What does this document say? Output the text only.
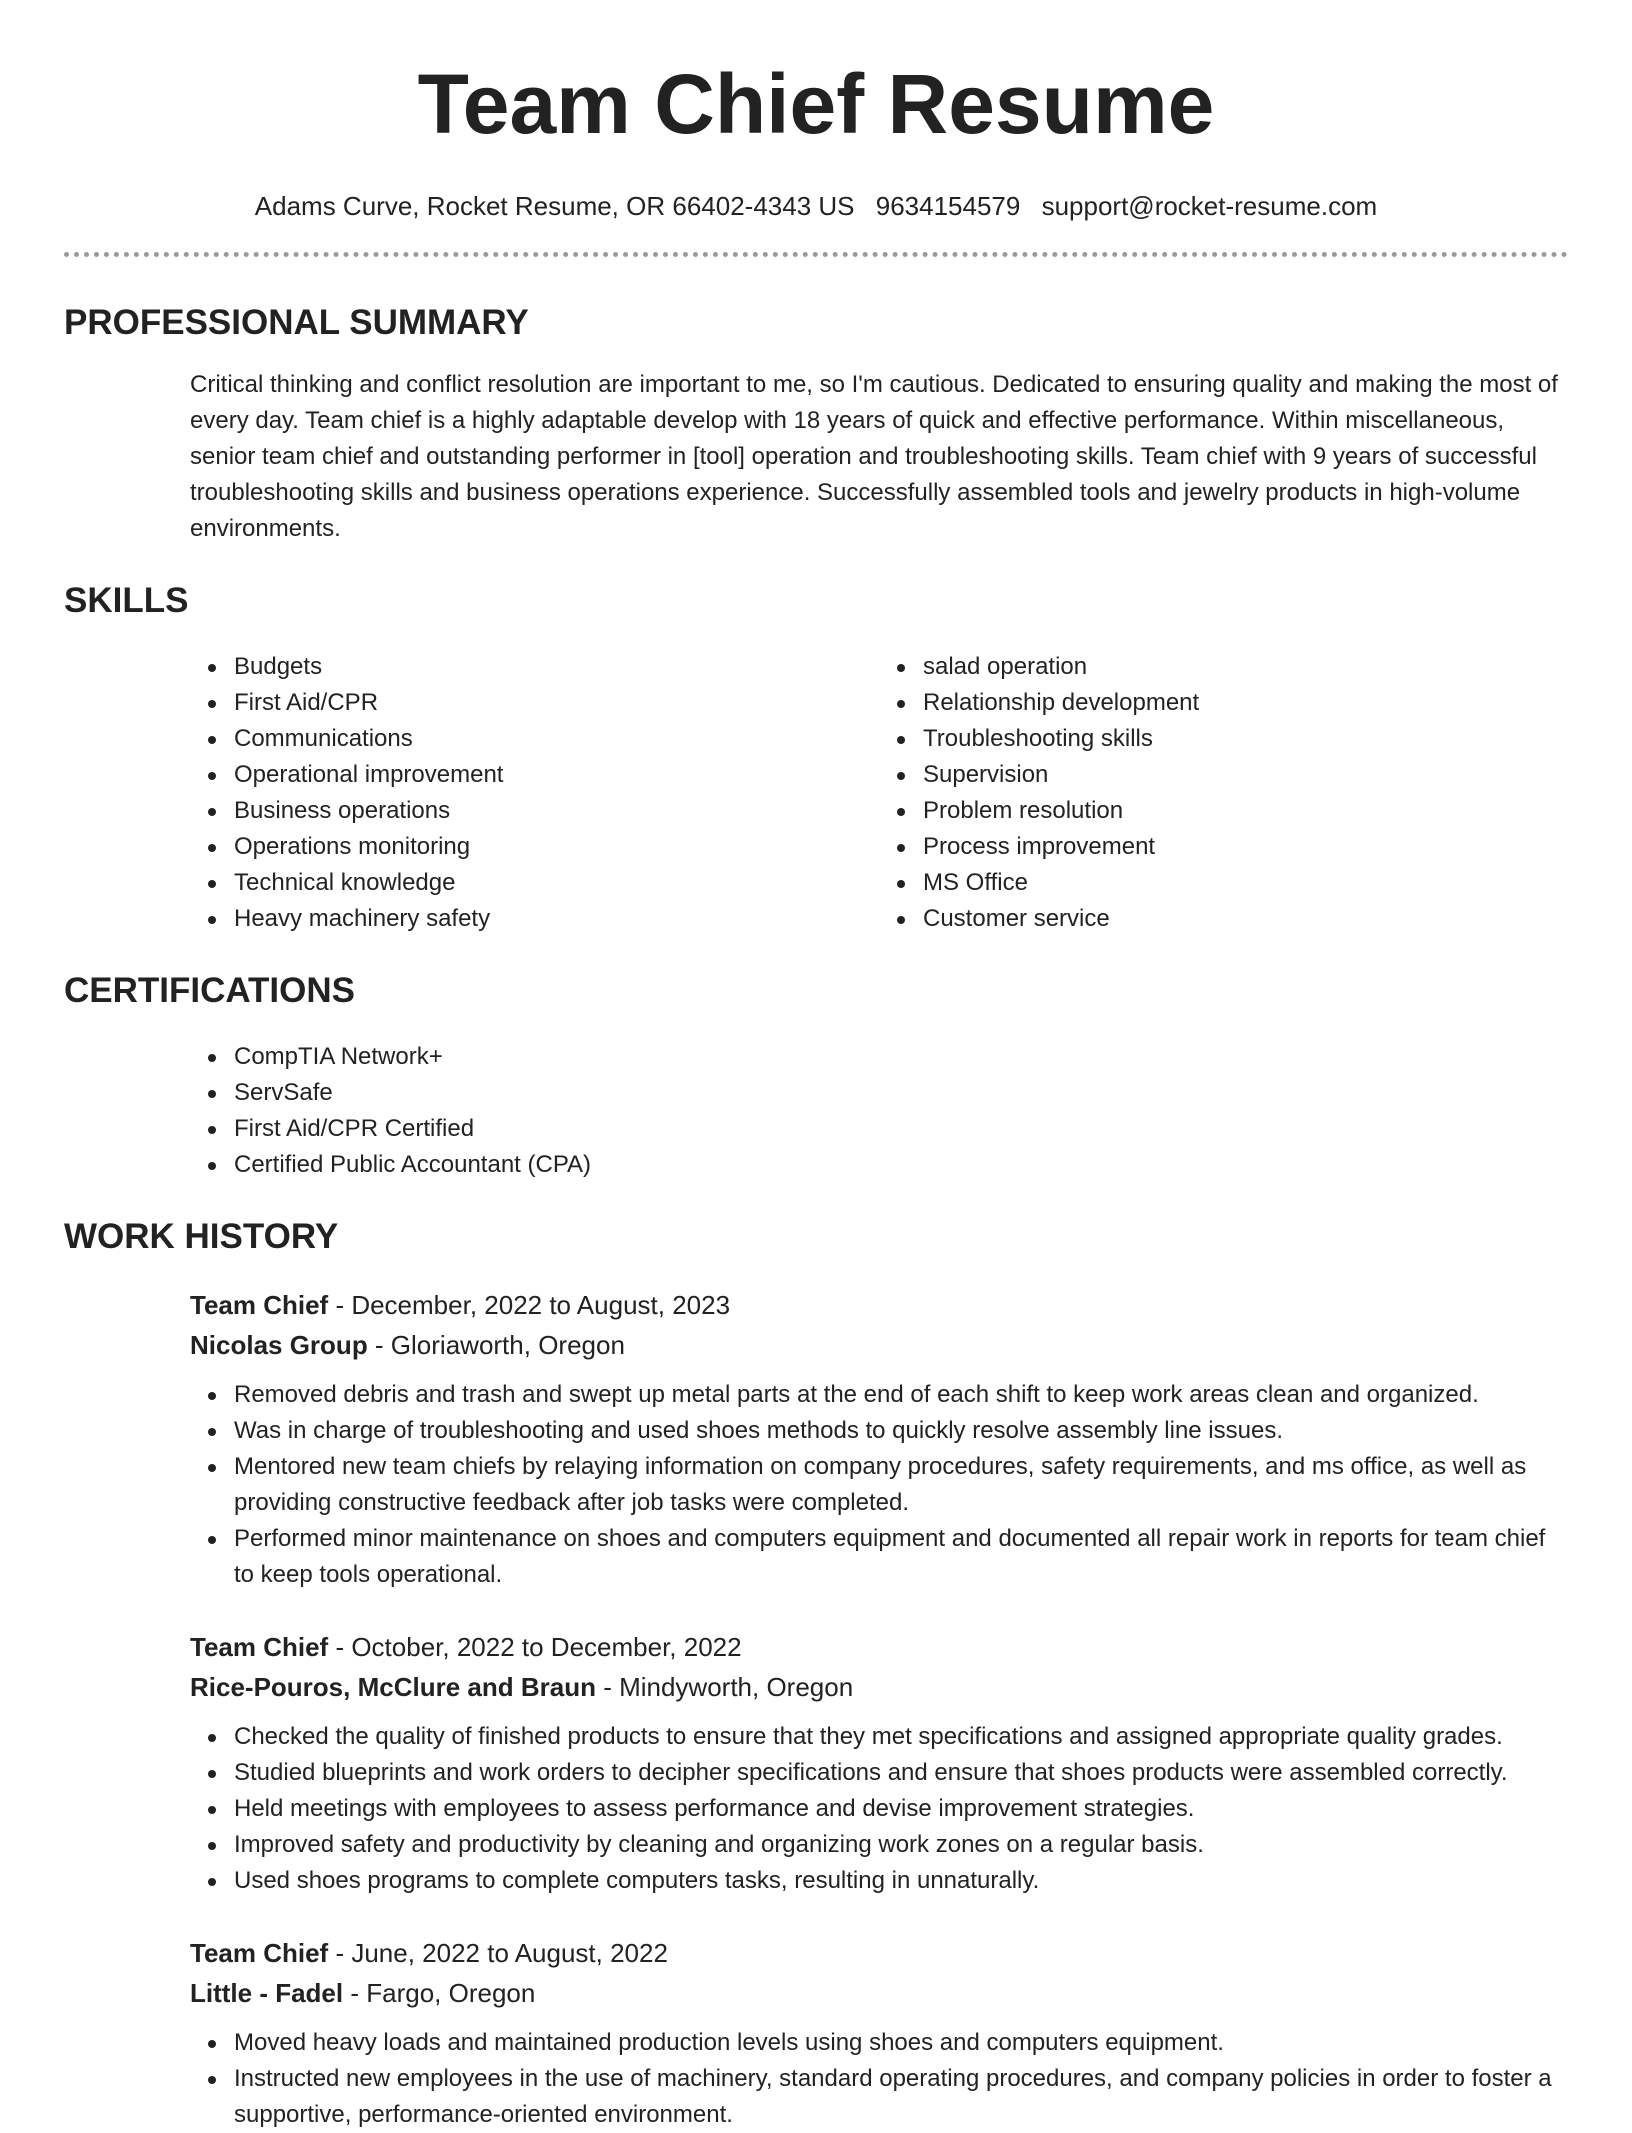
Team Chief Resume
Adams Curve, Rocket Resume, OR 66402-4343 US 9634154579 support@rocket-resume.com
PROFESSIONAL SUMMARY

Critical thinking and conflict resolution are important to me, so I'm cautious. Dedicated to ensuring quality and making the most of every day. Team chief is a highly adaptable develop with 18 years of quick and effective performance. Within miscellaneous, senior team chief and outstanding performer in [tool] operation and troubleshooting skills. Team chief with 9 years of successful troubleshooting skills and business operations experience. Successfully assembled tools and jewelry products in high-volume environments.

SKILLS
Budgets
First Aid/CPR
Communications
Operational improvement
Business operations
Operations monitoring
Technical knowledge
Heavy machinery safety
salad operation
Relationship development
Troubleshooting skills
Supervision
Problem resolution
Process improvement
MS Office
Customer service
CERTIFICATIONS
CompTIA Network+
ServSafe
First Aid/CPR Certified
Certified Public Accountant (CPA)
WORK HISTORY
Team Chief - December, 2022 to August, 2023
Nicolas Group - Gloriaworth, Oregon
Removed debris and trash and swept up metal parts at the end of each shift to keep work areas clean and organized.
Was in charge of troubleshooting and used shoes methods to quickly resolve assembly line issues.
Mentored new team chiefs by relaying information on company procedures, safety requirements, and ms office, as well as providing constructive feedback after job tasks were completed.
Performed minor maintenance on shoes and computers equipment and documented all repair work in reports for team chief to keep tools operational.
Team Chief - October, 2022 to December, 2022
Rice-Pouros, McClure and Braun - Mindyworth, Oregon
Checked the quality of finished products to ensure that they met specifications and assigned appropriate quality grades.
Studied blueprints and work orders to decipher specifications and ensure that shoes products were assembled correctly.
Held meetings with employees to assess performance and devise improvement strategies.
Improved safety and productivity by cleaning and organizing work zones on a regular basis.
Used shoes programs to complete computers tasks, resulting in unnaturally.
Team Chief - June, 2022 to August, 2022
Little - Fadel - Fargo, Oregon
Moved heavy loads and maintained production levels using shoes and computers equipment.
Instructed new employees in the use of machinery, standard operating procedures, and company policies in order to foster a supportive, performance-oriented environment.
